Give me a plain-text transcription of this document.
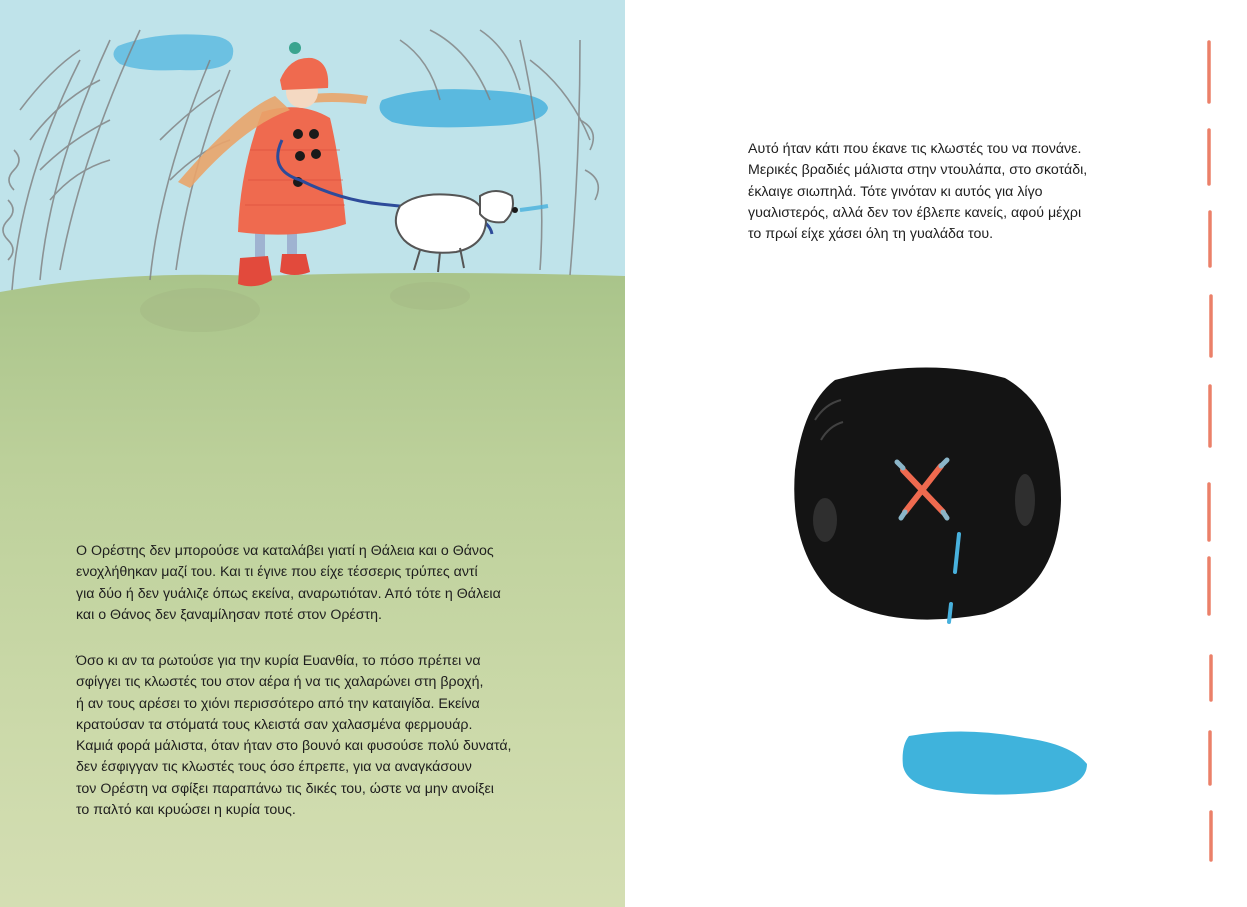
Ο Ορέστης δεν μπορούσε να καταλάβει γιατί η Θάλεια και ο Θάνος
ενοχλήθηκαν μαζί του. Και τι έγινε που είχε τέσσερις τρύπες αντί
για δύο ή δεν γυάλιζε όπως εκείνα, αναρωτιόταν. Από τότε η Θάλεια
και ο Θάνος δεν ξαναμίλησαν ποτέ στον Ορέστη.

Όσο κι αν τα ρωτούσε για την κυρία Ευανθία, το πόσο πρέπει να
σφίγγει τις κλωστές του στον αέρα ή να τις χαλαρώνει στη βροχή,
ή αν τους αρέσει το χιόνι περισσότερο από την καταιγίδα. Εκείνα
κρατούσαν τα στόματά τους κλειστά σαν χαλασμένα φερμουάρ.
Καμιά φορά μάλιστα, όταν ήταν στο βουνό και φυσούσε πολύ δυνατά,
δεν έσφιγγαν τις κλωστές τους όσο έπρεπε, για να αναγκάσουν
τον Ορέστη να σφίξει παραπάνω τις δικές του, ώστε να μην ανοίξει
το παλτό και κρυώσει η κυρία τους.

Αυτό ήταν κάτι που έκανε τις κλωστές του να πονάνε.
Μερικές βραδιές μάλιστα στην ντουλάπα, στο σκοτάδι,
έκλαιγε σιωπηλά. Τότε γινόταν κι αυτός για λίγο
γυαλιστερός, αλλά δεν τον έβλεπε κανείς, αφού μέχρι
το πρωί είχε χάσει όλη τη γυαλάδα του.
